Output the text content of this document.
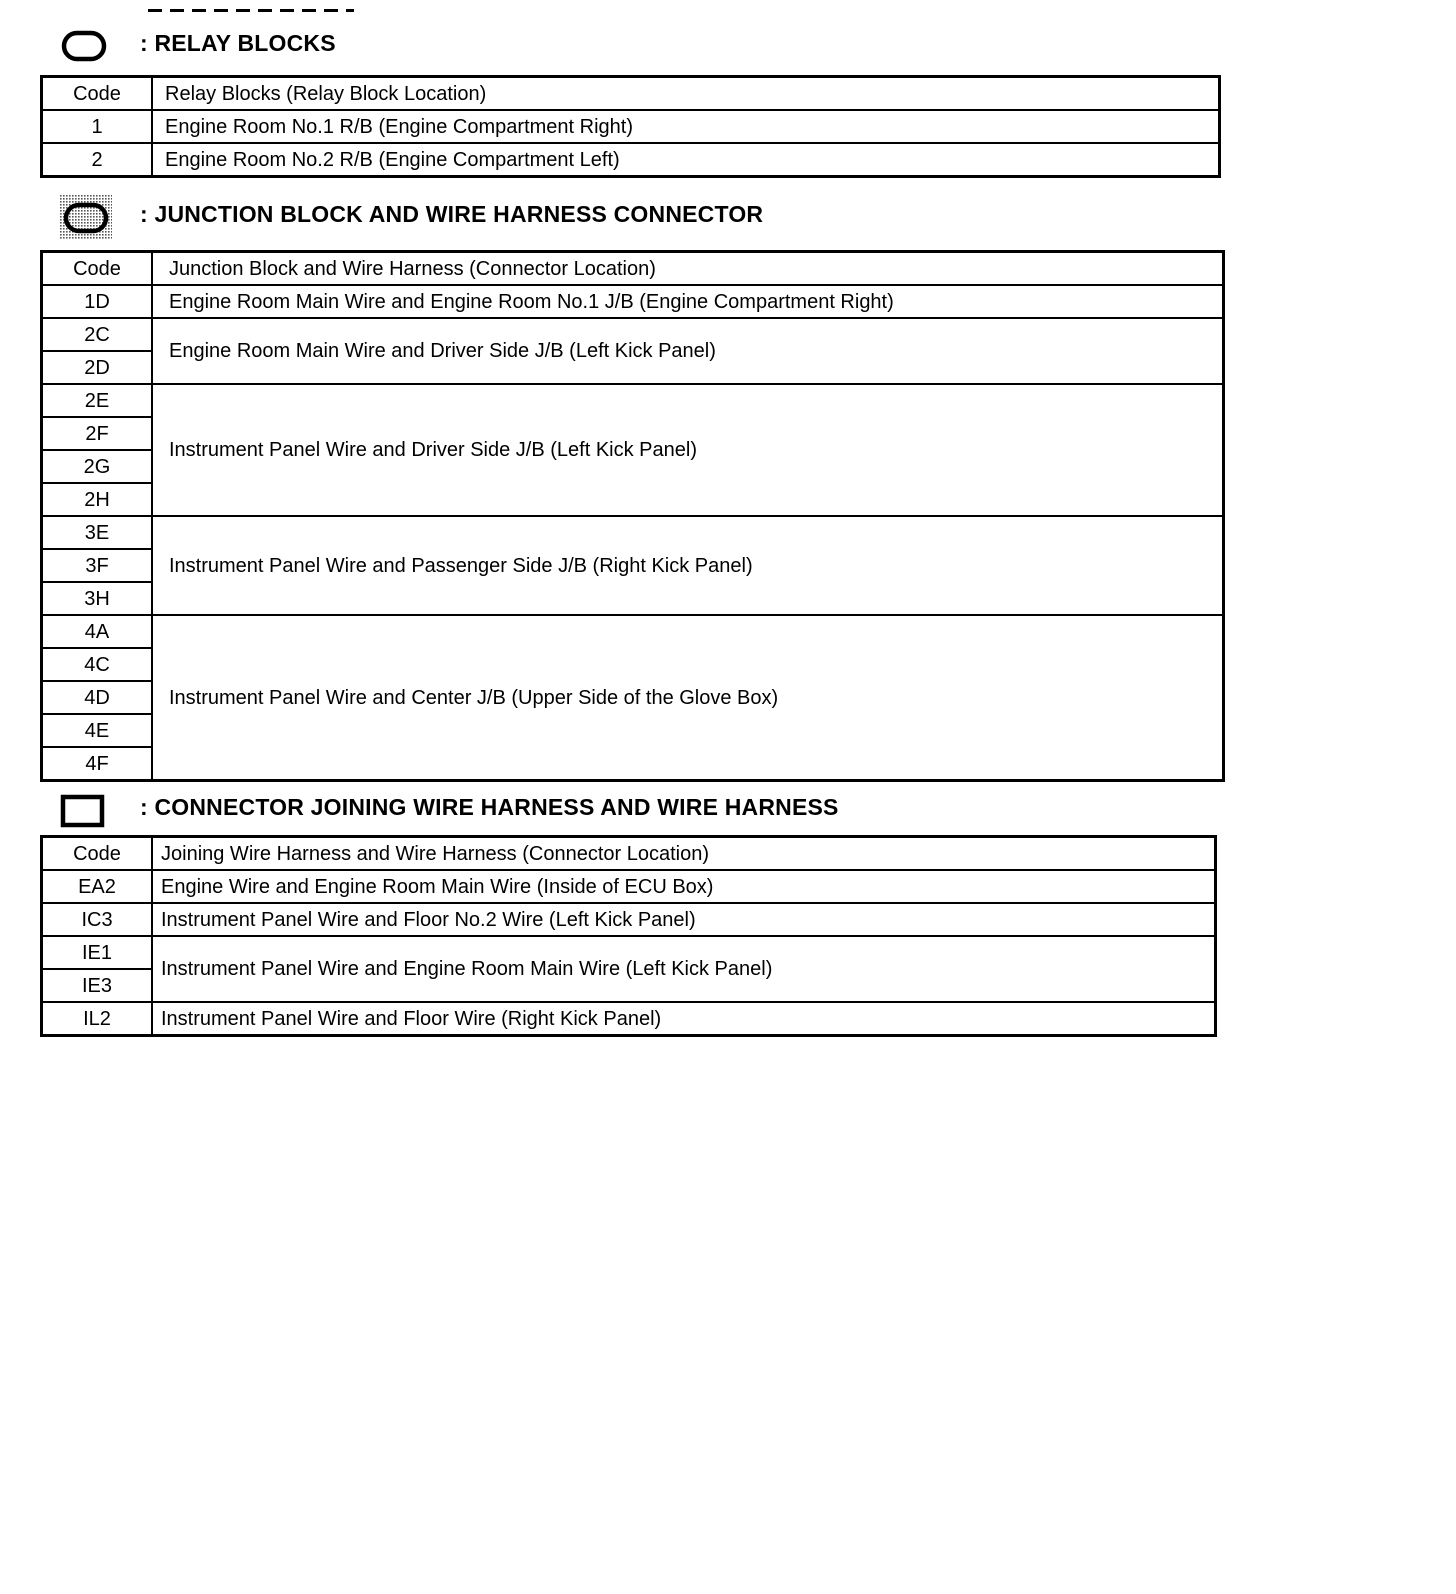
: RELAY BLOCKS
Code	Relay Blocks (Relay Block Location)
1	Engine Room No.1 R/B (Engine Compartment Right)
2	Engine Room No.2 R/B (Engine Compartment Left)
: JUNCTION BLOCK AND WIRE HARNESS CONNECTOR
Code	Junction Block and Wire Harness (Connector Location)
1D	Engine Room Main Wire and Engine Room No.1 J/B (Engine Compartment Right)
2C	Engine Room Main Wire and Driver Side J/B (Left Kick Panel)
2D	
2E	Instrument Panel Wire and Driver Side J/B (Left Kick Panel)
2F	
2G	
2H	
3E	Instrument Panel Wire and Passenger Side J/B (Right Kick Panel)
3F	
3H	
4A	Instrument Panel Wire and Center J/B (Upper Side of the Glove Box)
4C	
4D	
4E	
4F	
: CONNECTOR JOINING WIRE HARNESS AND WIRE HARNESS
Code	Joining Wire Harness and Wire Harness (Connector Location)
EA2	Engine Wire and Engine Room Main Wire (Inside of ECU Box)
IC3	Instrument Panel Wire and Floor No.2 Wire (Left Kick Panel)
IE1	Instrument Panel Wire and Engine Room Main Wire (Left Kick Panel)
IE3	
IL2	Instrument Panel Wire and Floor Wire (Right Kick Panel)
